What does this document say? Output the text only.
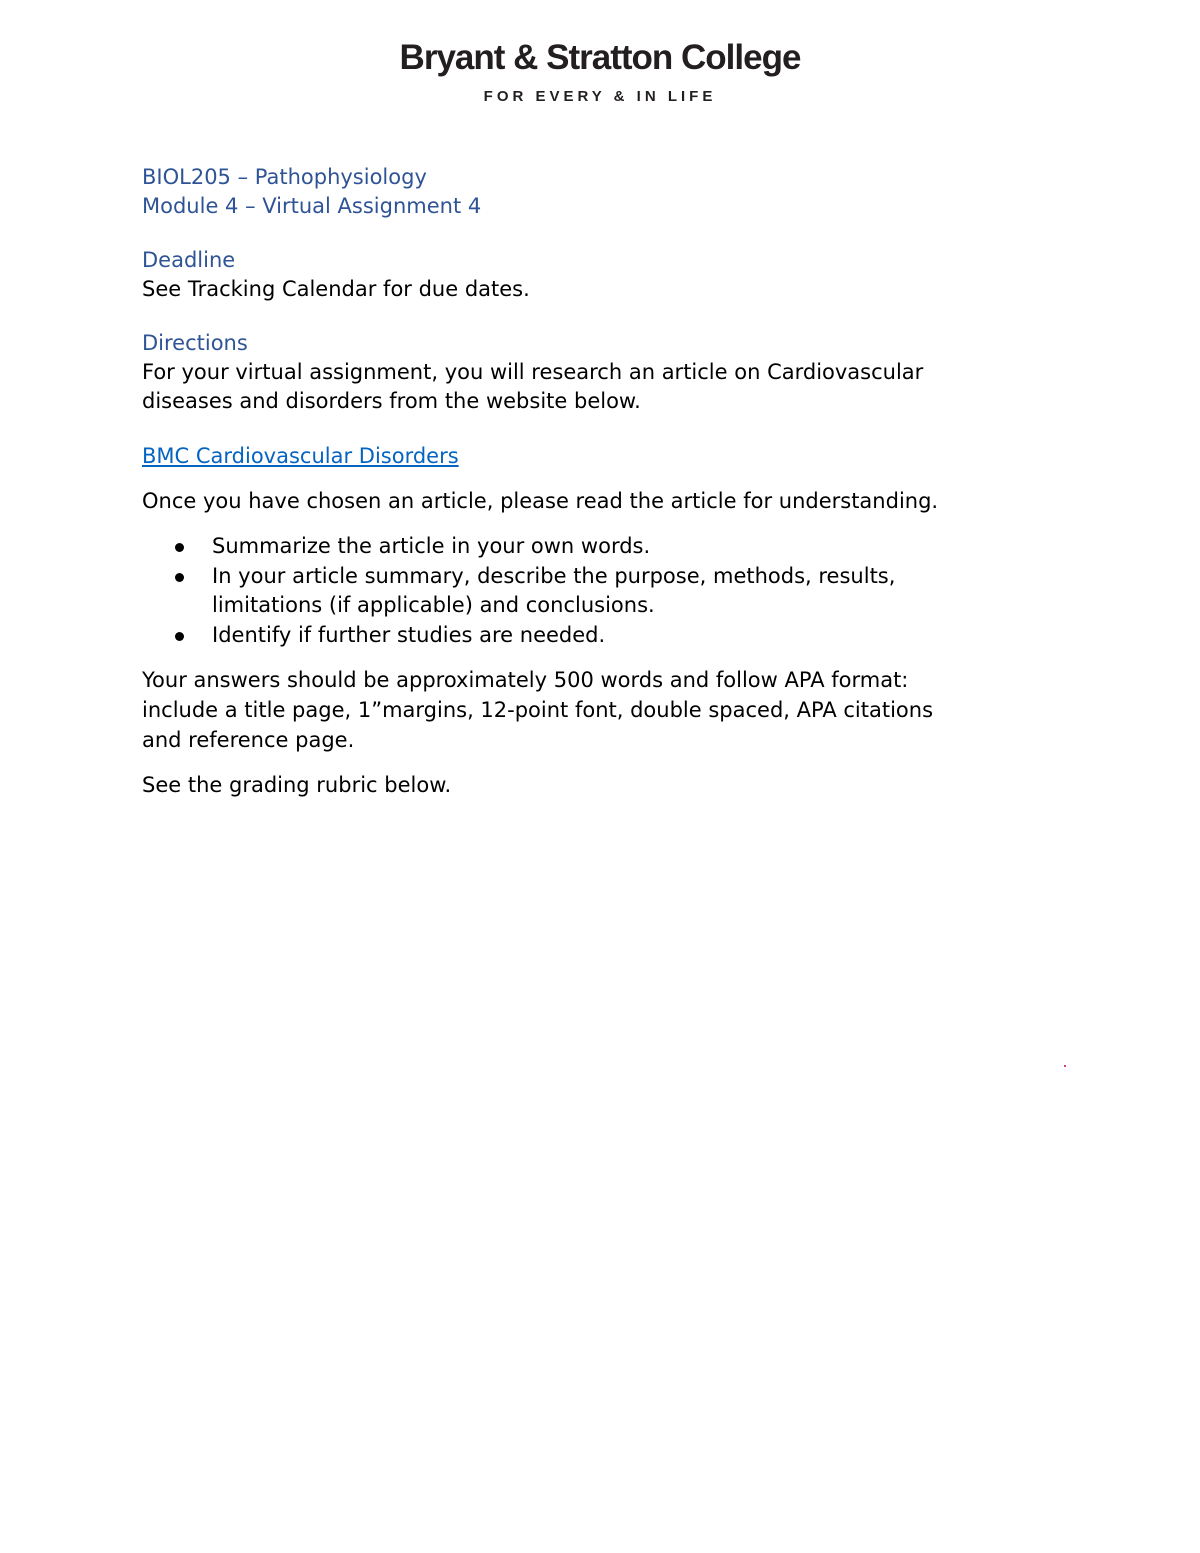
Bryant & Stratton College
FOR EVERY & IN LIFE
BIOL205 – Pathophysiology
Module 4 – Virtual Assignment 4
Deadline
See Tracking Calendar for due dates.
Directions
For your virtual assignment, you will research an article on Cardiovascular
diseases and disorders from the website below.
BMC Cardiovascular Disorders
Once you have chosen an article, please read the article for understanding.
Summarize the article in your own words.
In your article summary, describe the purpose, methods, results,
limitations (if applicable) and conclusions.
Identify if further studies are needed.
Your answers should be approximately 500 words and follow APA format:
include a title page, 1”margins, 12-point font, double spaced, APA citations
and reference page.
See the grading rubric below.
